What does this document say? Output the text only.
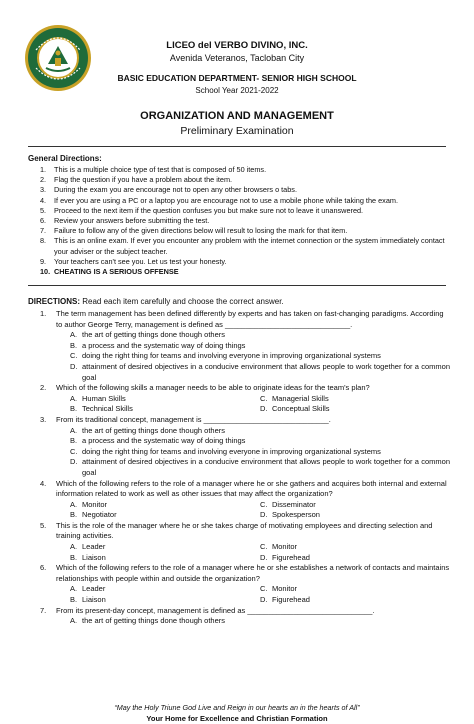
LICEO del VERBO DIVINO, INC.
Avenida Veteranos, Tacloban City
BASIC EDUCATION DEPARTMENT- SENIOR HIGH SCHOOL
School Year 2021-2022
ORGANIZATION AND MANAGEMENT
Preliminary Examination
General Directions:
1.	This is a multiple choice type of test that is composed of 50 items.
2.	Flag the question if you have a problem about the item.
3.	During the exam you are encourage not to open any other browsers o tabs.
4.	If ever you are using a PC or a laptop you are encourage not to use a mobile phone while taking the exam.
5.	Proceed to the next item if the question confuses you but make sure not to leave it unanswered.
6.	Review your answers before submitting the test.
7.	Failure to follow any of the given directions below will result to losing the mark for that item.
8.	This is an online exam. If ever you encounter any problem with the internet connection or the system immediately contact your adviser or the subject teacher.
9.	Your teachers can't see you. Let us test your honesty.
10. CHEATING IS A SERIOUS OFFENSE
DIRECTIONS: Read each item carefully and choose the correct answer.
1.	The term management has been defined differently by experts and has taken on fast-changing paradigms. According to author George Terry, management is defined as ______________________________.
A. the art of getting things done though others
B. a process and the systematic way of doing things
C. doing the right thing for teams and involving everyone in improving organizational systems
D. attainment of desired objectives in a conducive environment that allows people to work together for a common goal
2.	Which of the following skills a manager needs to be able to originate ideas for the team's plan?
A. Human Skills	C. Managerial Skills
B. Technical Skills	D. Conceptual Skills
3.	From its traditional concept, management is ______________________________.
A. the art of getting things done though others
B. a process and the systematic way of doing things
C. doing the right thing for teams and involving everyone in improving organizational systems
D. attainment of desired objectives in a conducive environment that allows people to work together for a common goal
4.	Which of the following refers to the role of a manager where he or she gathers and acquires both internal and external information related to work as well as other issues that may affect the organization?
A. Monitor	C. Disseminator
B. Negotiator	D. Spokesperson
5.	This is the role of the manager where he or she takes charge of motivating employees and directing selection and training activities.
A. Leader	C. Monitor
B. Liaison	D. Figurehead
6.	Which of the following refers to the role of a manager where he or she establishes a network of contacts and maintains relationships with people within and outside the organization?
A. Leader	C. Monitor
B. Liaison	D. Figurehead
7.	From its present-day concept, management is defined as ______________________________.
A. the art of getting things done though others
“May the Holy Triune God Live and Reign in our hearts an in the hearts of All”
Your Home for Excellence and Christian Formation
